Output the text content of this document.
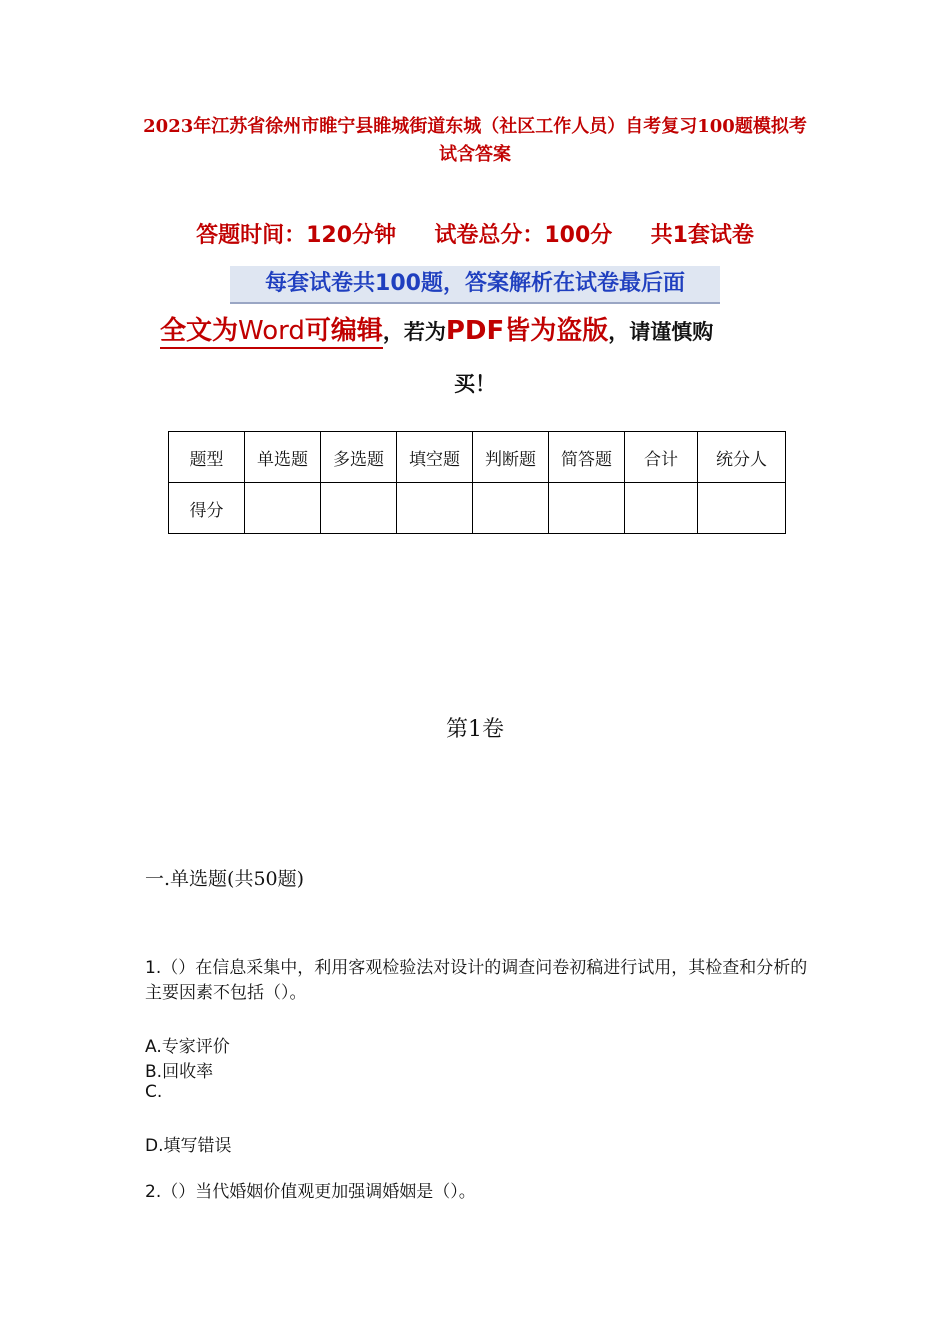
2023年江苏省徐州市睢宁县睢城街道东城（社区工作人员）自考复习100题模拟考试含答案
答题时间：120分钟     试卷总分：100分     共1套试卷
每套试卷共100题，答案解析在试卷最后面
全文为Word可编辑，若为PDF皆为盗版，请谨慎购
买！
题型	单选题	多选题	填空题	判断题	简答题	合计	统分人
得分							
第1卷
一.单选题(共50题)
1.（）在信息采集中，利用客观检验法对设计的调查问卷初稿进行试用，其检查和分析的主要因素不包括（）。
A.专家评价
B.回收率
C.
D.填写错误
2.（）当代婚姻价值观更加强调婚姻是（）。
